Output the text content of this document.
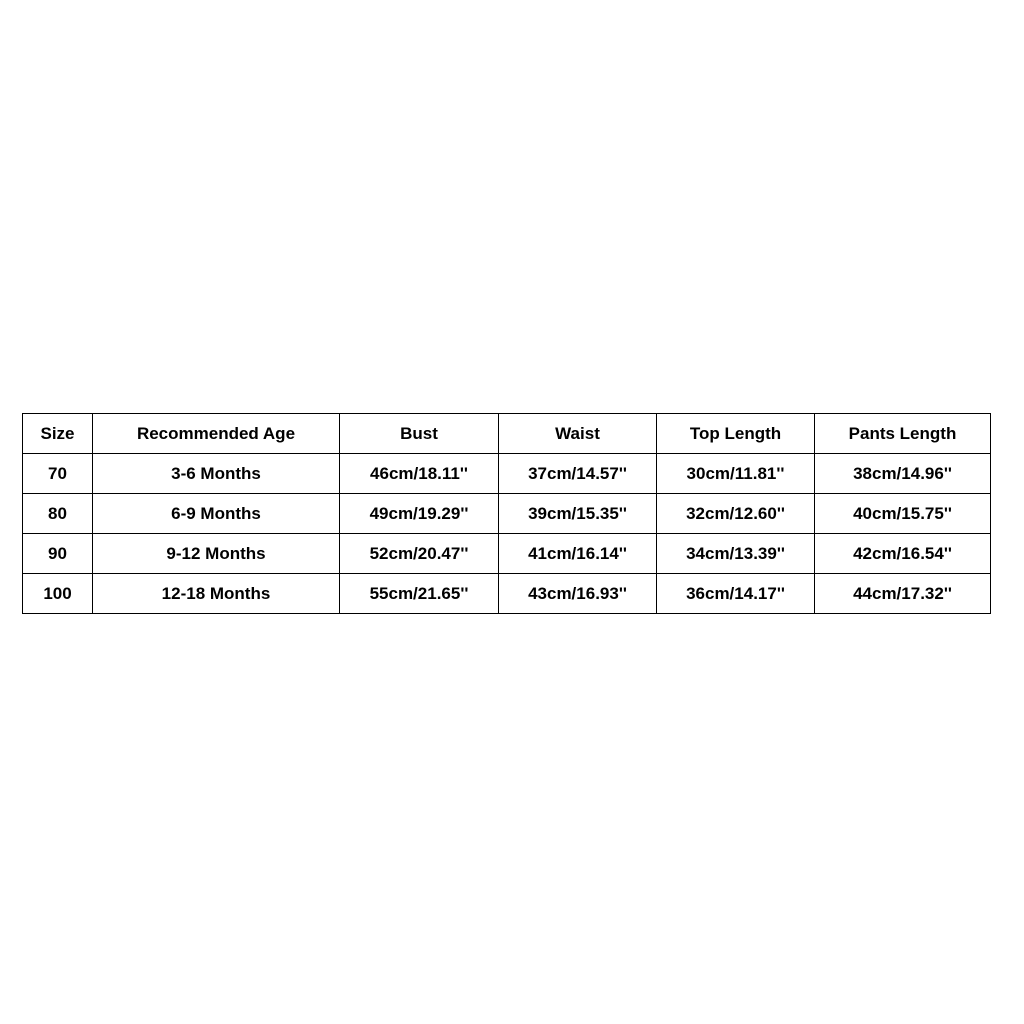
Size	Recommended Age	Bust	Waist	Top Length	Pants Length
70	3-6 Months	46cm/18.11''	37cm/14.57''	30cm/11.81''	38cm/14.96''
80	6-9 Months	49cm/19.29''	39cm/15.35''	32cm/12.60''	40cm/15.75''
90	9-12 Months	52cm/20.47''	41cm/16.14''	34cm/13.39''	42cm/16.54''
100	12-18 Months	55cm/21.65''	43cm/16.93''	36cm/14.17''	44cm/17.32''
